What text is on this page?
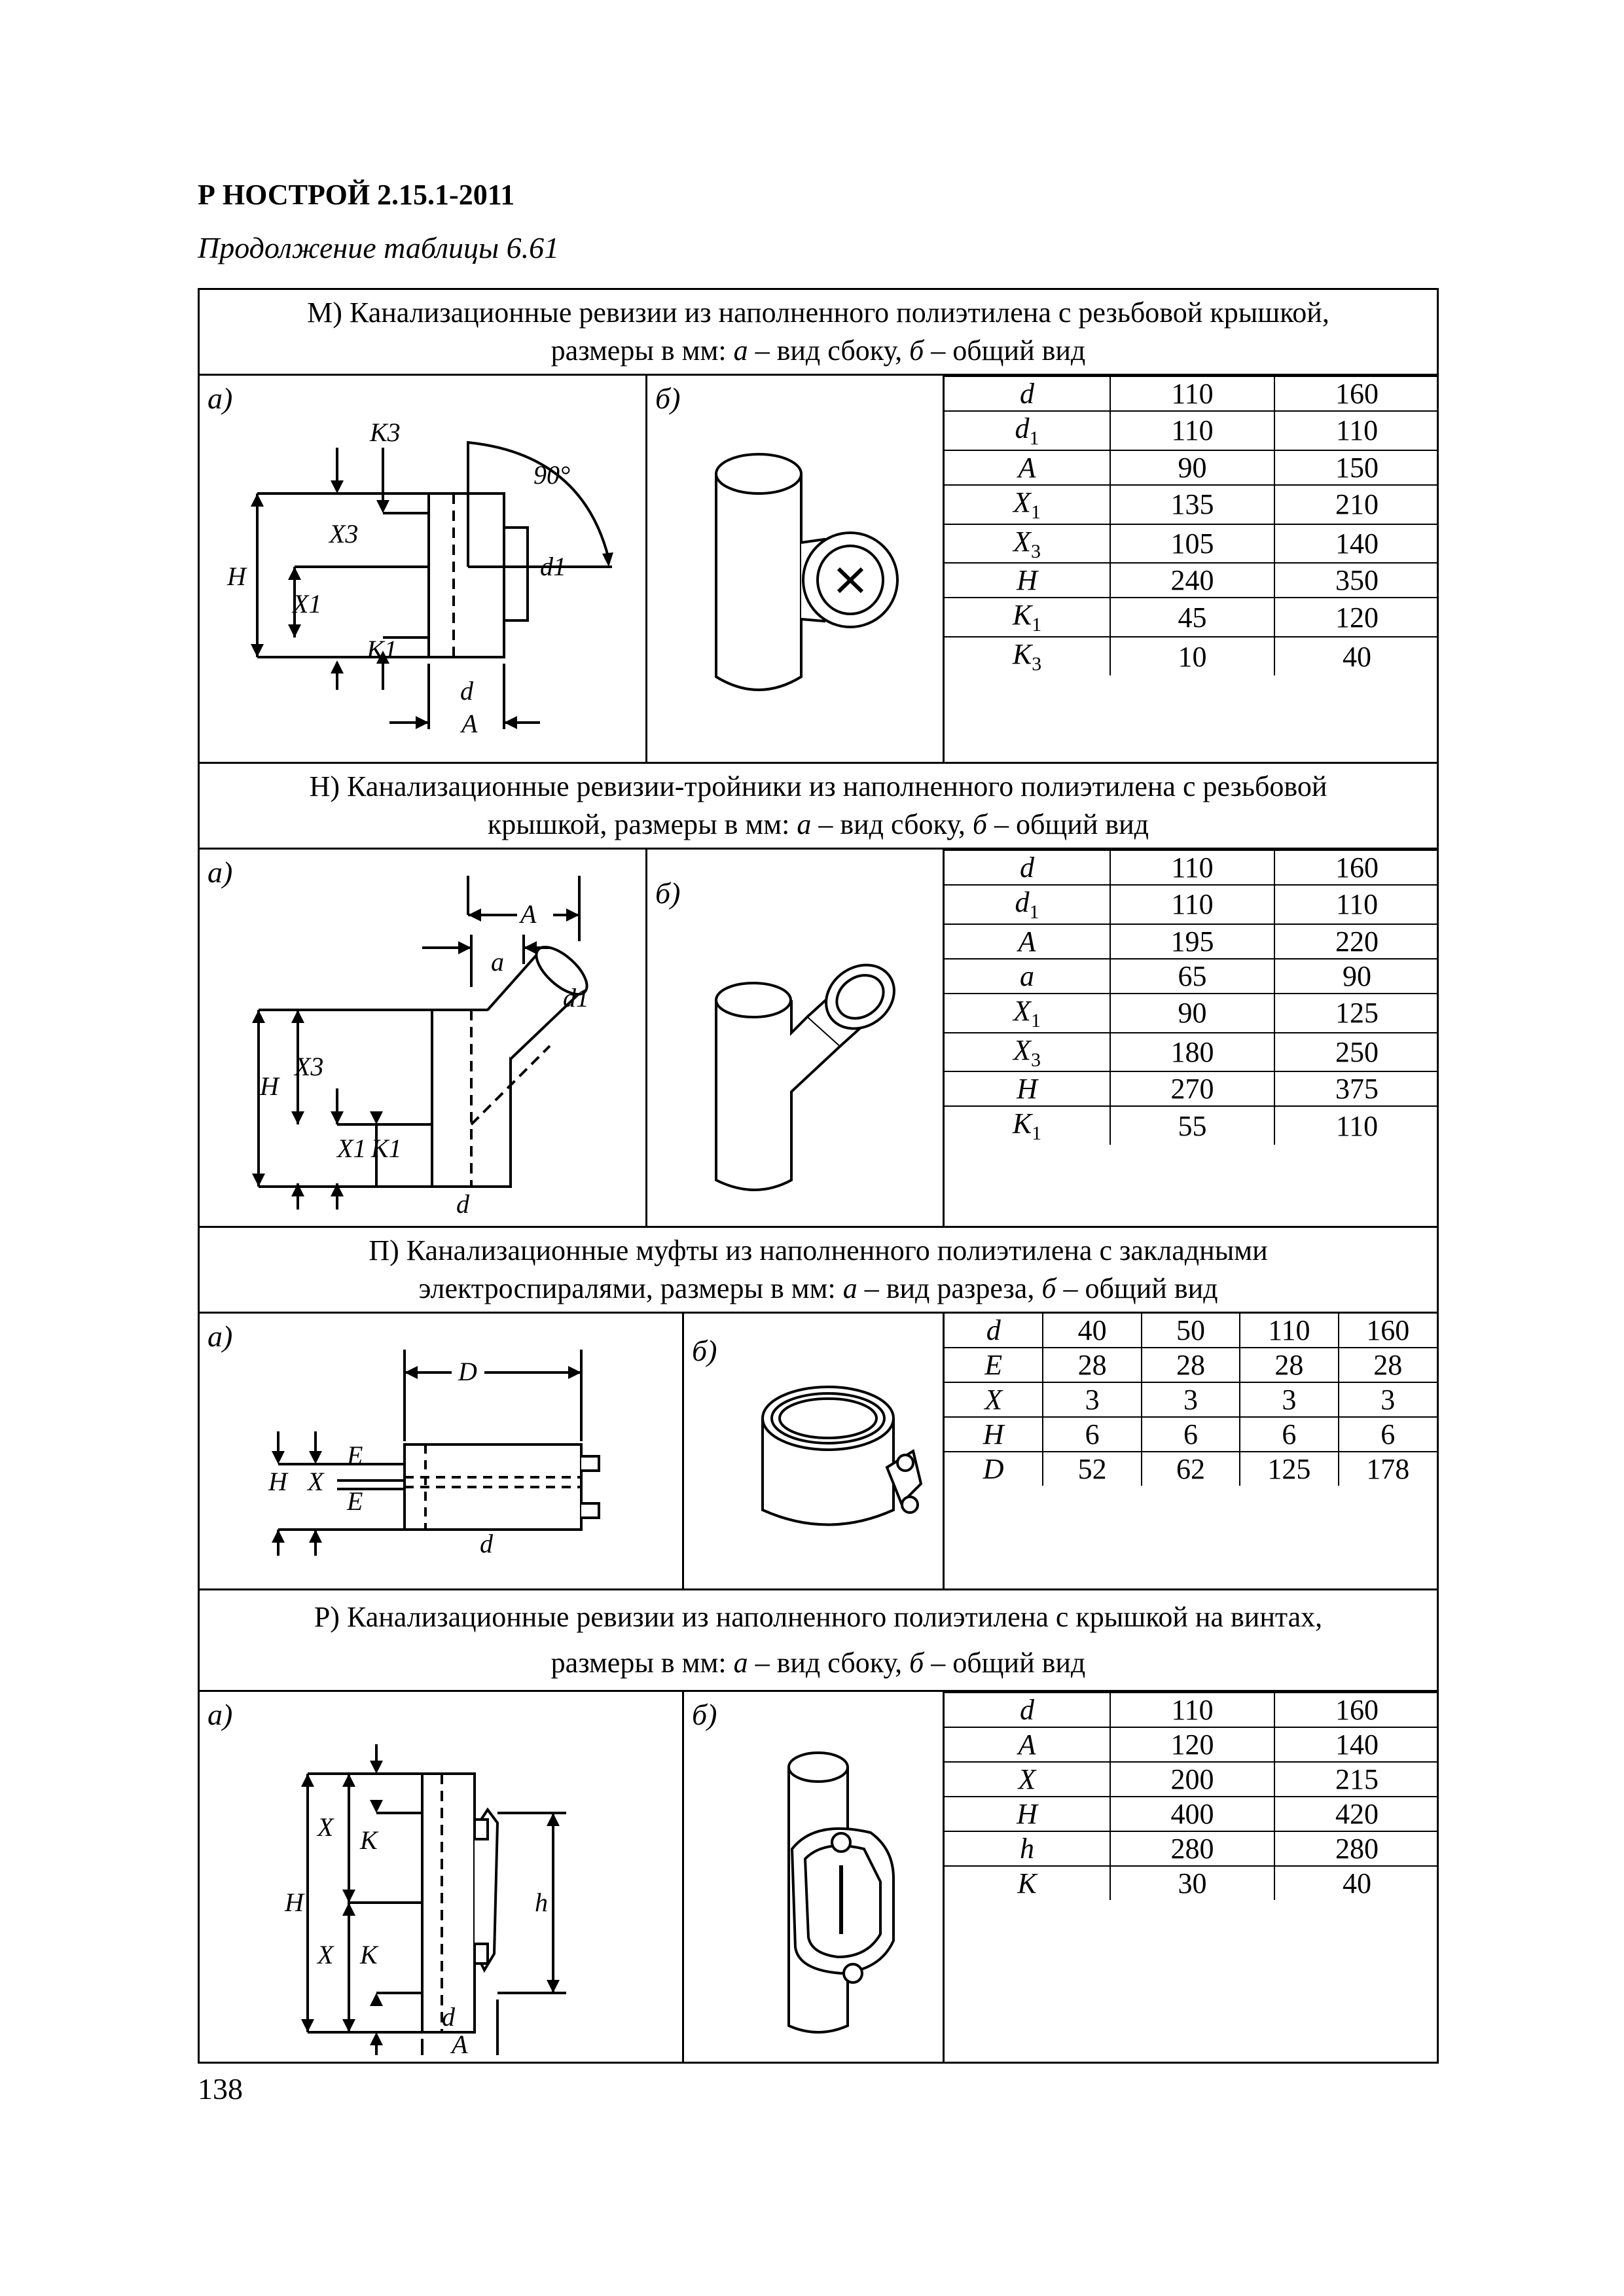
Р НОСТРОЙ 2.15.1-2011
Продолжение таблицы 6.61
М) Канализационные ревизии из наполненного полиэтилена с резьбовой крышкой,
размеры в мм: а – вид сбоку, б – общий вид

а)
K3
90°
X3
H	d1
X1
K1
d
A

б)
		d	110	160
$d_1$	110	110
A	90	150
$X_1$	135	210
$X_3$	105	140
H	240	350
$K_1$	45	120
$K_3$	10	40

Н) Канализационные ревизии-тройники из наполненного полиэтилена с резьбовой
крышкой, размеры в мм: а – вид сбоку, б – общий вид

а)
A
a
d1
X3
H
X1 K1
d

б)

d	110	160
$d_1$	110	110
A	195	220
a	65	90
$X_1$	90	125
$X_3$	180	250
H	270	375
$K_1$	55	110

П) Канализационные муфты из наполненного полиэтилена с закладными
электроспиралями, размеры в мм: а – вид разреза, б – общий вид

а)
D
E
H X
E
d

б)

d	40	50	110	160
E	28	28	28	28
X	3	3	3	3
H	6	6	6	6
D	52	62	125	178

Р) Канализационные ревизии из наполненного полиэтилена с крышкой на винтах,
размеры в мм: а – вид сбоку, б – общий вид

а)
X K
H	h
X K
d
A

б)
		d	110	160
A	120	140
X	200	215
H	400	420
h	280	280
K	30	40
138
